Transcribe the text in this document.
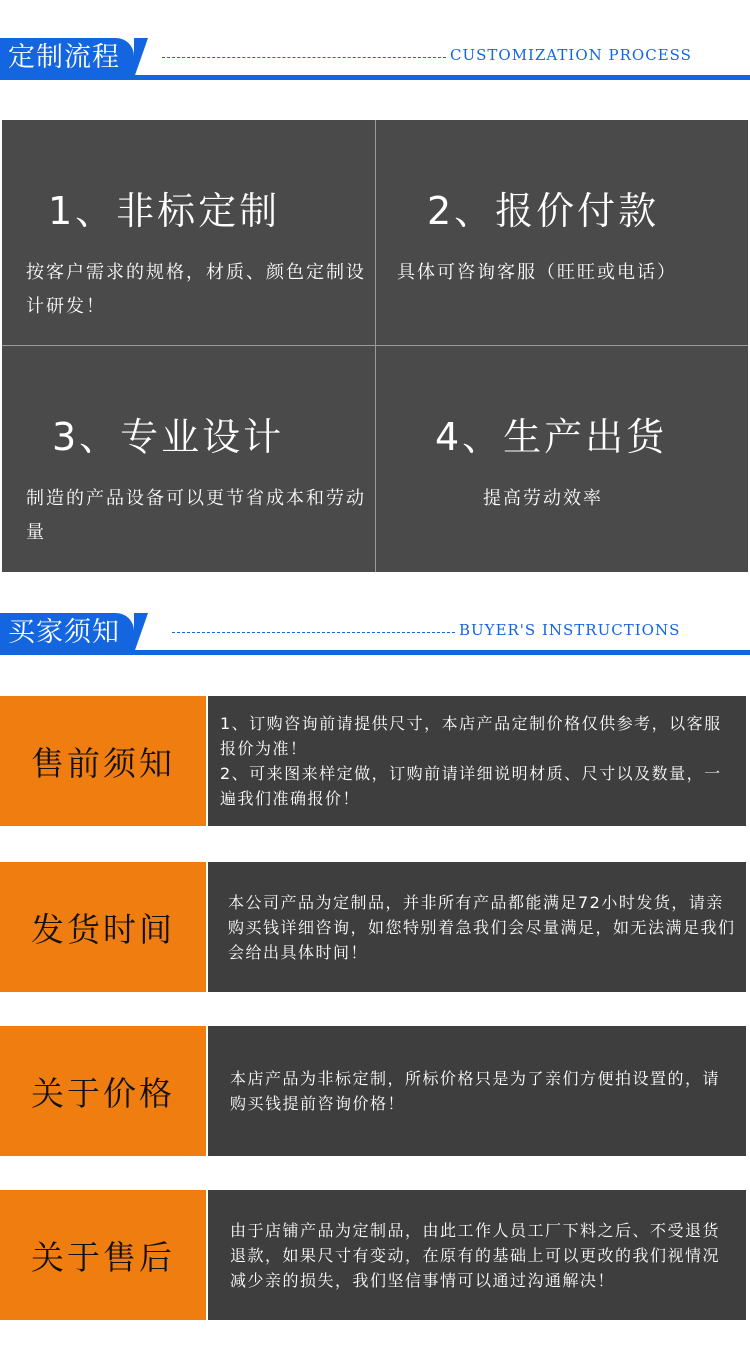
定制流程	CUSTOMIZATION PROCESS
1、非标定制
按客户需求的规格，材质、颜色定制设计研发！
2、报价付款
具体可咨询客服（旺旺或电话）
3、专业设计
制造的产品设备可以更节省成本和劳动量
4、生产出货
提高劳动效率
买家须知	BUYER'S INSTRUCTIONS
售前须知

1、订购咨询前请提供尺寸，本店产品定制价格仅供参考，以客服报价为准！
2、可来图来样定做，订购前请详细说明材质、尺寸以及数量，一遍我们准确报价！

发货时间

本公司产品为定制品，并非所有产品都能满足72小时发货，请亲购买钱详细咨询，如您特别着急我们会尽量满足，如无法满足我们会给出具体时间！

关于价格	本店产品为非标定制，所标价格只是为了亲们方便拍设置的，请购买钱提前咨询价格！

关于售后

由于店铺产品为定制品，由此工作人员工厂下料之后、不受退货退款，如果尺寸有变动，在原有的基础上可以更改的我们视情况减少亲的损失，我们坚信事情可以通过沟通解决！
